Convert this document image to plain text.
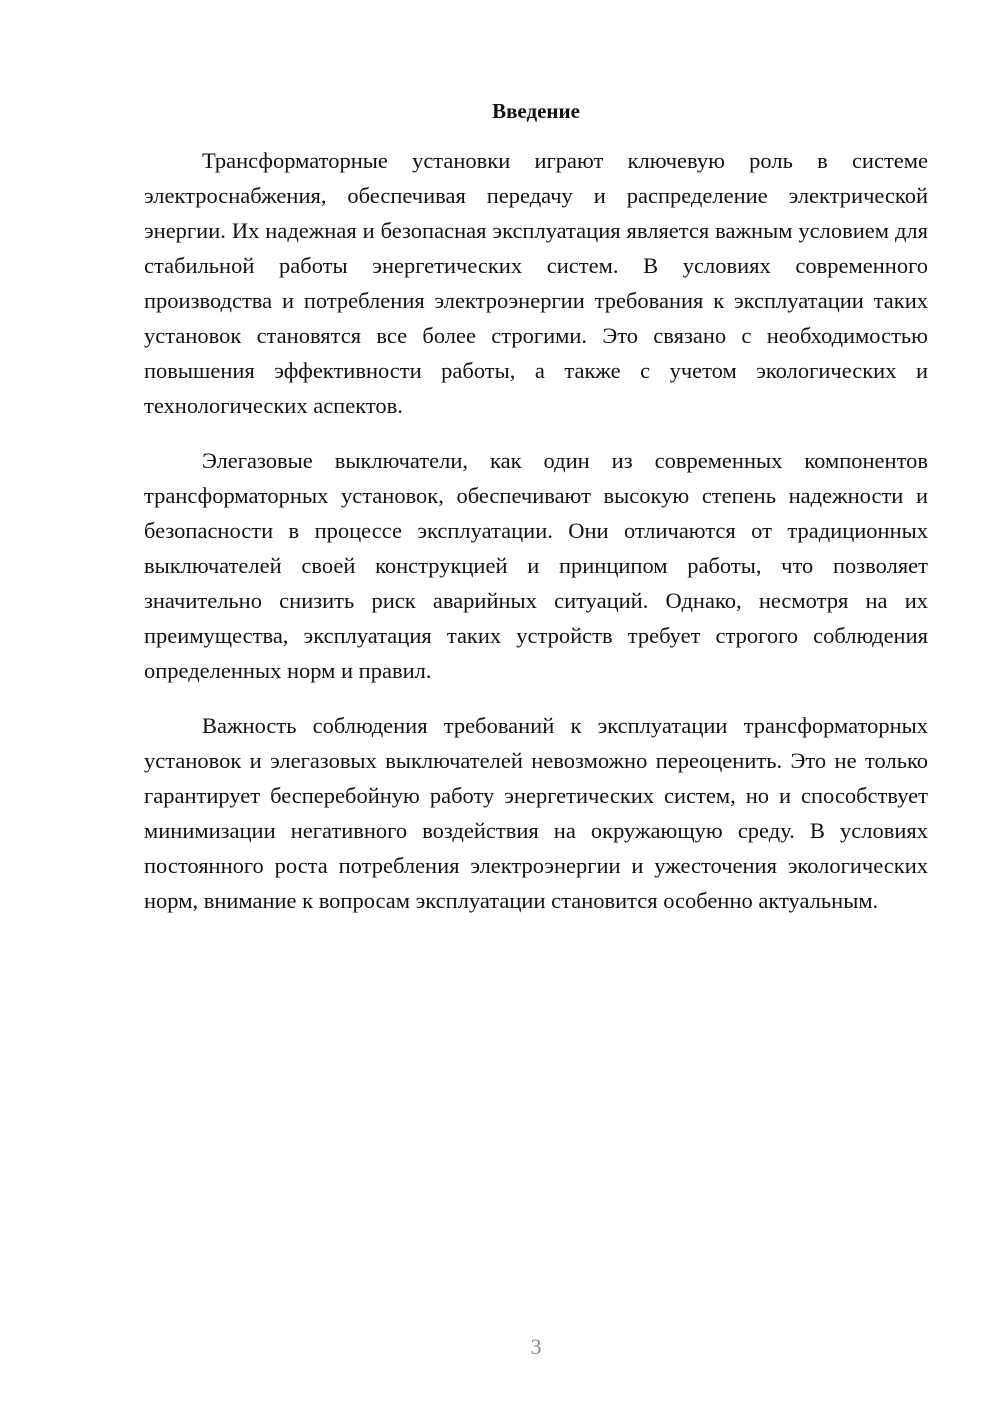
Введение

Трансформаторные установки играют ключевую роль в системе электроснабжения, обеспечивая передачу и распределение электрической энергии. Их надежная и безопасная эксплуатация является важным условием для стабильной работы энергетических систем. В условиях современного производства и потребления электроэнергии требования к эксплуатации таких установок становятся все более строгими. Это связано с необходимостью повышения эффективности работы, а также с учетом экологических и технологических аспектов.

Элегазовые выключатели, как один из современных компонентов трансформаторных установок, обеспечивают высокую степень надежности и безопасности в процессе эксплуатации. Они отличаются от традиционных выключателей своей конструкцией и принципом работы, что позволяет значительно снизить риск аварийных ситуаций. Однако, несмотря на их преимущества, эксплуатация таких устройств требует строгого соблюдения определенных норм и правил.

Важность соблюдения требований к эксплуатации трансформаторных установок и элегазовых выключателей невозможно переоценить. Это не только гарантирует бесперебойную работу энергетических систем, но и способствует минимизации негативного воздействия на окружающую среду. В условиях постоянного роста потребления электроэнергии и ужесточения экологических норм, внимание к вопросам эксплуатации становится особенно актуальным.

3
